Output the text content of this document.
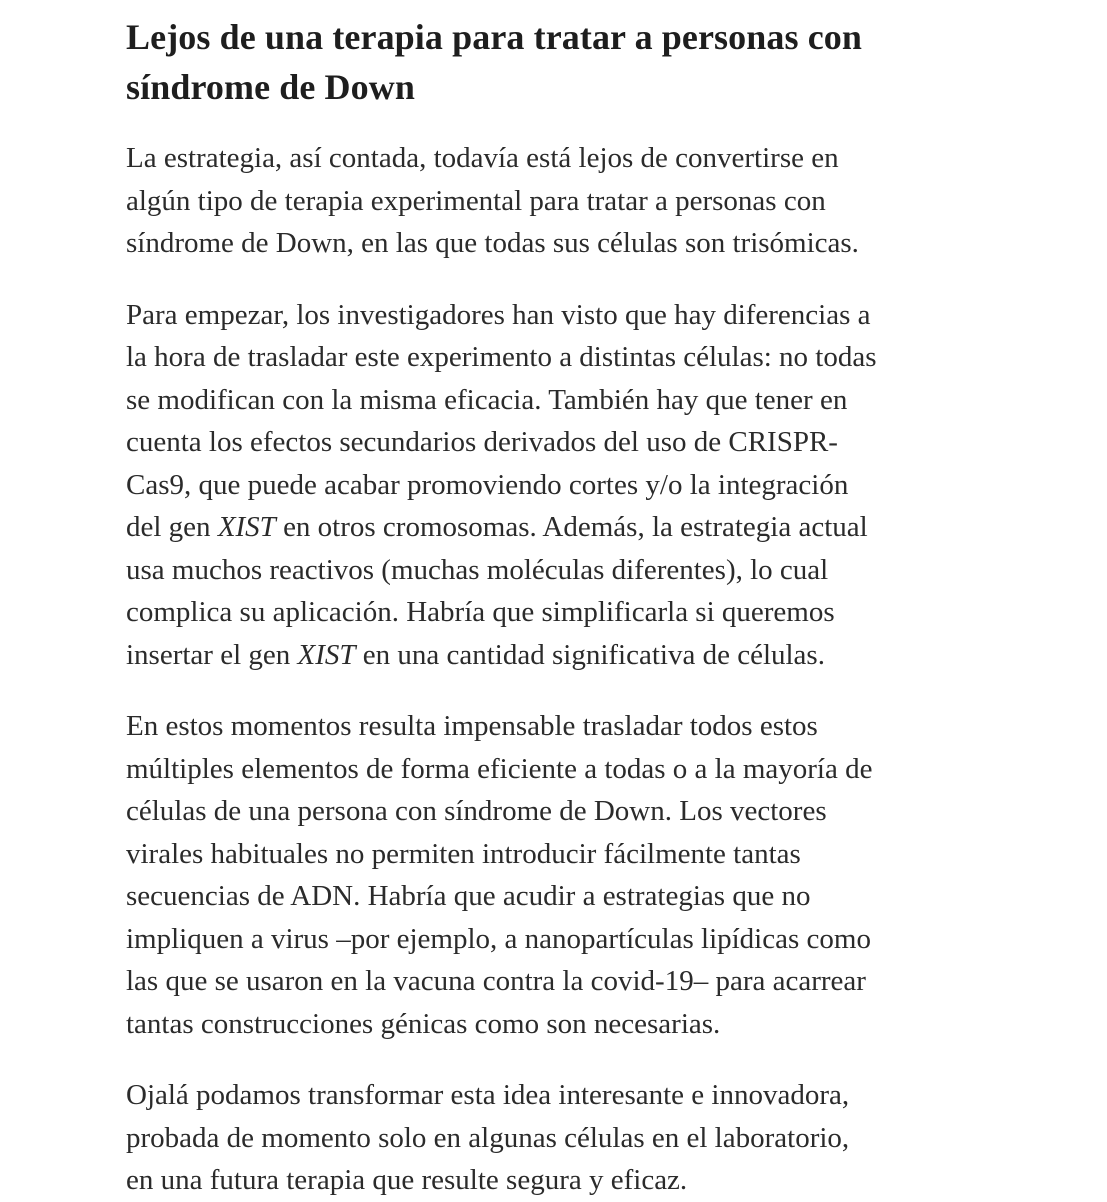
Lejos de una terapia para tratar a personas con
síndrome de Down

La estrategia, así contada, todavía está lejos de convertirse en
algún tipo de terapia experimental para tratar a personas con
síndrome de Down, en las que todas sus células son trisómicas.

Para empezar, los investigadores han visto que hay diferencias a
la hora de trasladar este experimento a distintas células: no todas
se modifican con la misma eficacia. También hay que tener en
cuenta los efectos secundarios derivados del uso de CRISPR-
Cas9, que puede acabar promoviendo cortes y/o la integración
del gen XIST en otros cromosomas. Además, la estrategia actual
usa muchos reactivos (muchas moléculas diferentes), lo cual
complica su aplicación. Habría que simplificarla si queremos
insertar el gen XIST en una cantidad significativa de células.

En estos momentos resulta impensable trasladar todos estos
múltiples elementos de forma eficiente a todas o a la mayoría de
células de una persona con síndrome de Down. Los vectores
virales habituales no permiten introducir fácilmente tantas
secuencias de ADN. Habría que acudir a estrategias que no
impliquen a virus –por ejemplo, a nanopartículas lipídicas como
las que se usaron en la vacuna contra la covid-19– para acarrear
tantas construcciones génicas como son necesarias.

Ojalá podamos transformar esta idea interesante e innovadora,
probada de momento solo en algunas células en el laboratorio,
en una futura terapia que resulte segura y eficaz.
